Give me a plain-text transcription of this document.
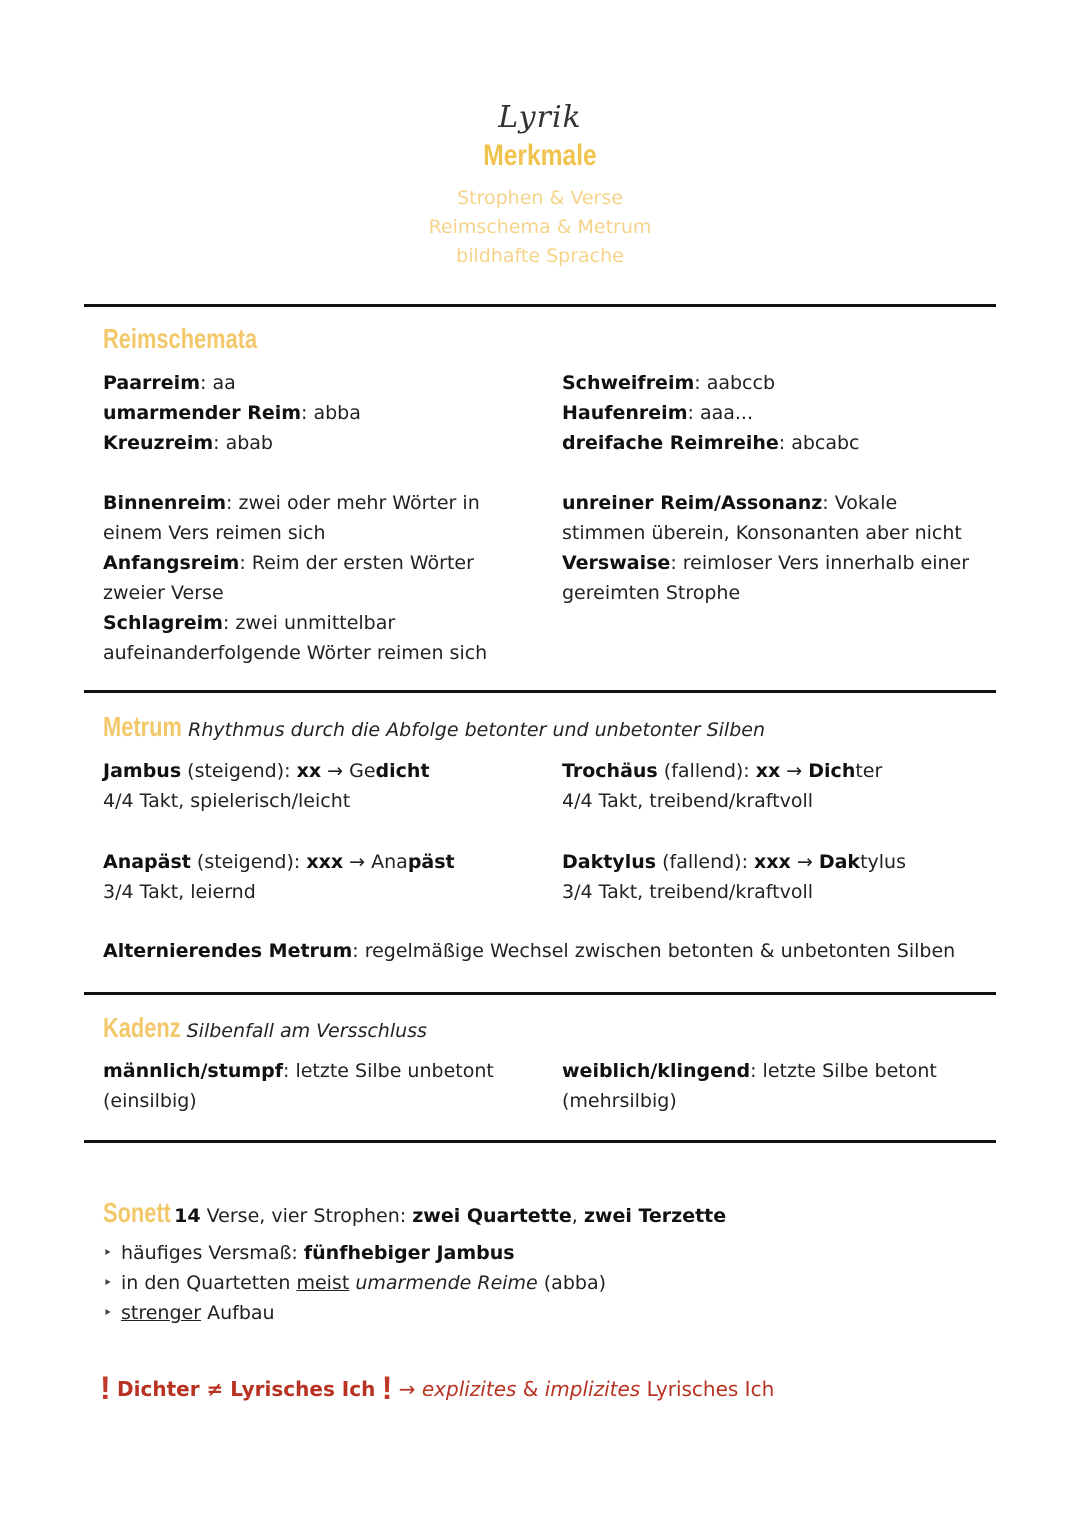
Lyrik
Merkmale
Strophen & Verse
Reimschema & Metrum
bildhafte Sprache
Reimschemata
Paarreim: aa
umarmender Reim: abba
Kreuzreim: abab
Schweifreim: aabccb
Haufenreim: aaa...
dreifache Reimreihe: abcabc
Binnenreim: zwei oder mehr Wörter in einem Vers reimen sich
Anfangsreim: Reim der ersten Wörter zweier Verse
Schlagreim: zwei unmittelbar aufeinanderfolgende Wörter reimen sich
unreiner Reim/Assonanz: Vokale stimmen überein, Konsonanten aber nicht
Verswaise: reimloser Vers innerhalb einer gereimten Strophe
Metrum Rhythmus durch die Abfolge betonter und unbetonter Silben
Jambus (steigend): xx → Gedicht
4/4 Takt, spielerisch/leicht
Trochäus (fallend): xx → Dichter
4/4 Takt, treibend/kraftvoll
Anapäst (steigend): xxx → Anapäst
3/4 Takt, leiernd
Daktylus (fallend): xxx → Daktylus
3/4 Takt, treibend/kraftvoll
Alternierendes Metrum: regelmäßige Wechsel zwischen betonten & unbetonten Silben
Kadenz Silbenfall am Versschluss
männlich/stumpf: letzte Silbe unbetont
(einsilbig)
weiblich/klingend: letzte Silbe betont
(mehrsilbig)
Sonett 14 Verse, vier Strophen: zwei Quartette, zwei Terzette
‣ häufiges Versmaß: fünfhebiger Jambus
‣ in den Quartetten meist umarmende Reime (abba)
‣ strenger Aufbau
! Dichter ≠ Lyrisches Ich ! → explizites & implizites Lyrisches Ich
